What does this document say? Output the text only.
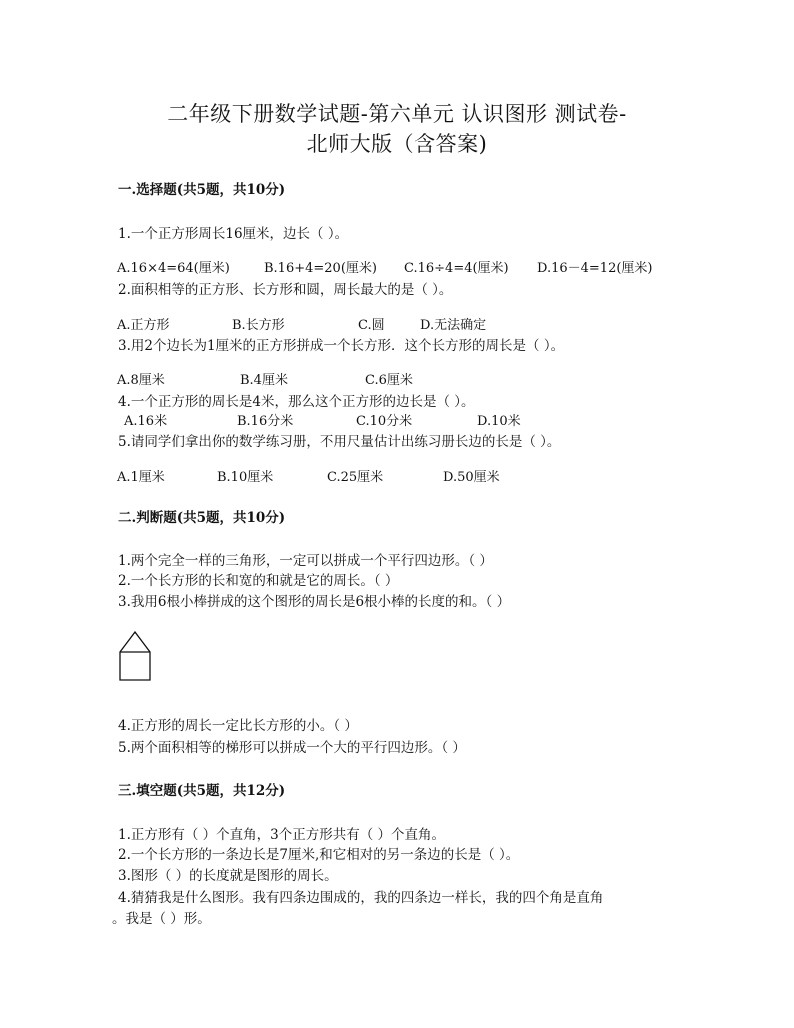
二年级下册数学试题-第六单元 认识图形 测试卷-
北师大版（含答案)
一.选择题(共5题，共10分)
1.一个正方形周长16厘米，边长（ ）。
A.16×4=64(厘米)	B.16+4=20(厘米) C.16÷4=4(厘米) D.16－4=12(厘米)
2.面积相等的正方形、长方形和圆，周长最大的是（ ）。
A.正方形	B.长方形	C.圆	D.无法确定
3.用2个边长为1厘米的正方形拼成一个长方形．这个长方形的周长是（ ）。
A.8厘米	B.4厘米	C.6厘米
4.一个正方形的周长是4米，那么这个正方形的边长是（ ）。
A.16米	B.16分米	C.10分米	D.10米
5.请同学们拿出你的数学练习册，不用尺量估计出练习册长边的长是（ ）。
A.1厘米	B.10厘米	C.25厘米	D.50厘米
二.判断题(共5题，共10分)
1.两个完全一样的三角形，一定可以拼成一个平行四边形。（ ）
2.一个长方形的长和宽的和就是它的周长。（ ）
3.我用6根小棒拼成的这个图形的周长是6根小棒的长度的和。（ ）
4.正方形的周长一定比长方形的小。（ ）
5.两个面积相等的梯形可以拼成一个大的平行四边形。（ ）
三.填空题(共5题，共12分)
1.正方形有（ ）个直角，3个正方形共有（ ）个直角。
2.一个长方形的一条边长是7厘米,和它相对的另一条边的长是（ ）。
3.图形（ ）的长度就是图形的周长。
4.猜猜我是什么图形。我有四条边围成的，我的四条边一样长，我的四个角是直角
。我是（ ）形。
